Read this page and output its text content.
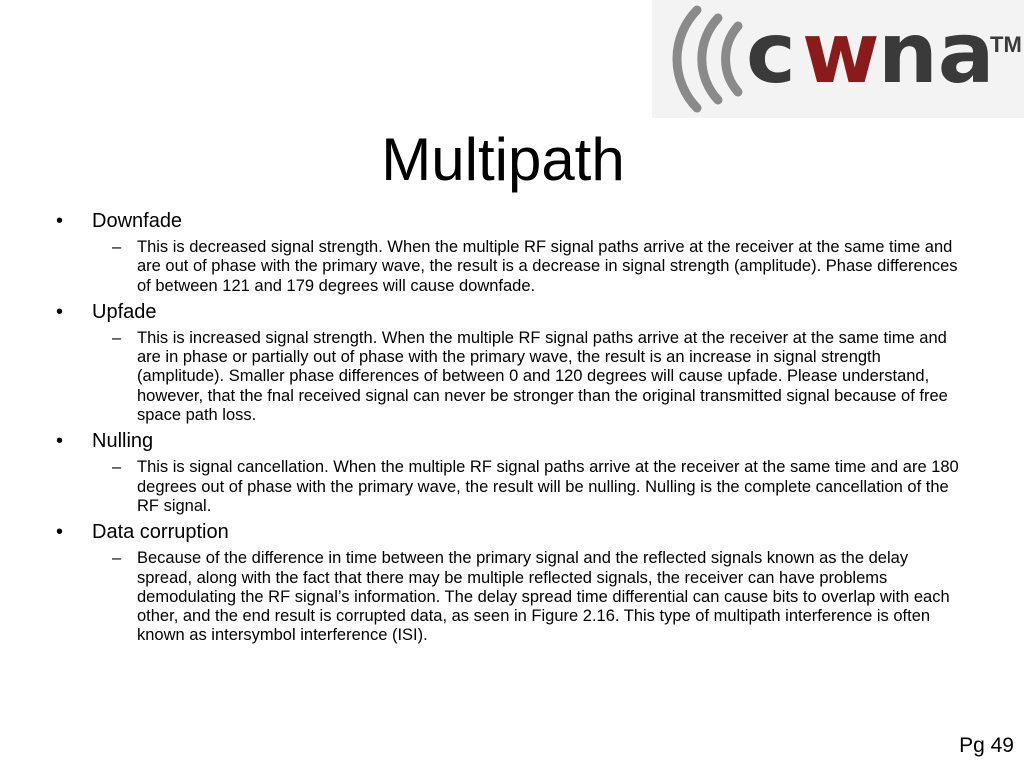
c w
na
TM
Multipath
• Downfade
– This is decreased signal strength. When the multiple RF signal paths arrive at the receiver at the same time and are out of phase with the primary wave, the result is a decrease in signal strength (amplitude). Phase differences of between 121 and 179 degrees will cause downfade.
• Upfade
– This is increased signal strength. When the multiple RF signal paths arrive at the receiver at the same time and are in phase or partially out of phase with the primary wave, the result is an increase in signal strength (amplitude). Smaller phase differences of between 0 and 120 degrees will cause upfade. Please understand, however, that the fnal received signal can never be stronger than the original transmitted signal because of free space path loss.
• Nulling
– This is signal cancellation. When the multiple RF signal paths arrive at the receiver at the same time and are 180 degrees out of phase with the primary wave, the result will be nulling. Nulling is the complete cancellation of the RF signal.
• Data corruption
– Because of the difference in time between the primary signal and the reflected signals known as the delay spread, along with the fact that there may be multiple reflected signals, the receiver can have problems demodulating the RF signal’s information. The delay spread time differential can cause bits to overlap with each other, and the end result is corrupted data, as seen in Figure 2.16. This type of multipath interference is often known as intersymbol interference (ISI).
Pg 49
